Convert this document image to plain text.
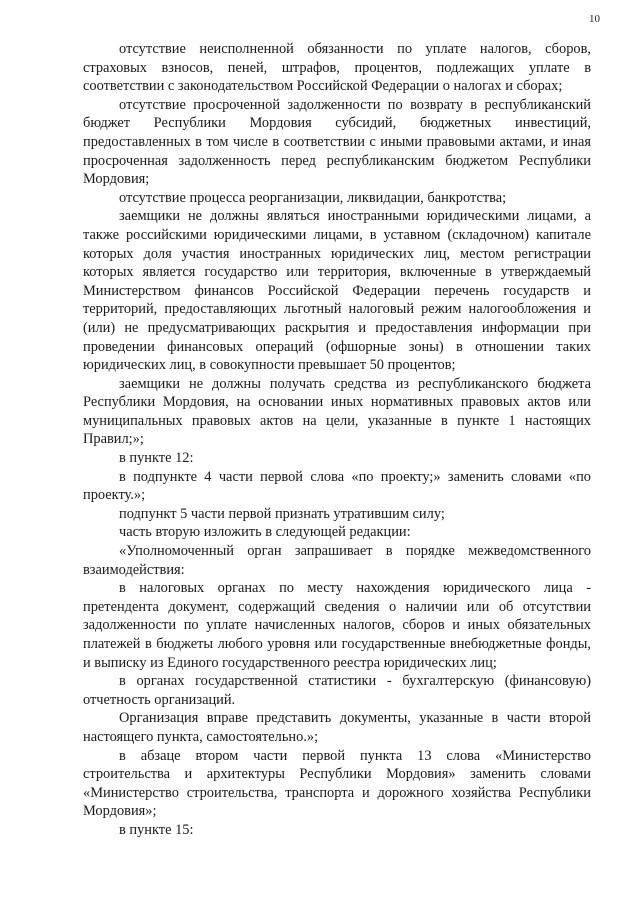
10

отсутствие неисполненной обязанности по уплате налогов, сборов, страховых взносов, пеней, штрафов, процентов, подлежащих уплате в соответствии с законодательством Российской Федерации о налогах и сборах;

отсутствие просроченной задолженности по возврату в республиканский бюджет Республики Мордовия субсидий, бюджетных инвестиций, предоставленных в том числе в соответствии с иными правовыми актами, и иная просроченная задолженность перед республиканским бюджетом Республики Мордовия;

отсутствие процесса реорганизации, ликвидации, банкротства;

заемщики не должны являться иностранными юридическими лицами, а также российскими юридическими лицами, в уставном (складочном) капитале которых доля участия иностранных юридических лиц, местом регистрации которых является государство или территория, включенные в утверждаемый Министерством финансов Российской Федерации перечень государств и территорий, предоставляющих льготный налоговый режим налогообложения и (или) не предусматривающих раскрытия и предоставления информации при проведении финансовых операций (офшорные зоны) в отношении таких юридических лиц, в совокупности превышает 50 процентов;

заемщики не должны получать средства из республиканского бюджета Республики Мордовия, на основании иных нормативных правовых актов или муниципальных правовых актов на цели, указанные в пункте 1 настоящих Правил;»;

в пункте 12:

в подпункте 4 части первой слова «по проекту;» заменить словами «по проекту.»;

подпункт 5 части первой признать утратившим силу;

часть вторую изложить в следующей редакции:

«Уполномоченный орган запрашивает в порядке межведомственного взаимодействия:

в налоговых органах по месту нахождения юридического лица - претендента документ, содержащий сведения о наличии или об отсутствии задолженности по уплате начисленных налогов, сборов и иных обязательных платежей в бюджеты любого уровня или государственные внебюджетные фонды, и выписку из Единого государственного реестра юридических лиц;

в органах государственной статистики - бухгалтерскую (финансовую) отчетность организаций.

Организация вправе представить документы, указанные в части второй настоящего пункта, самостоятельно.»;

в абзаце втором части первой пункта 13 слова «Министерство строительства и архитектуры Республики Мордовия» заменить словами «Министерство строительства, транспорта и дорожного хозяйства Республики Мордовия»;

в пункте 15:
